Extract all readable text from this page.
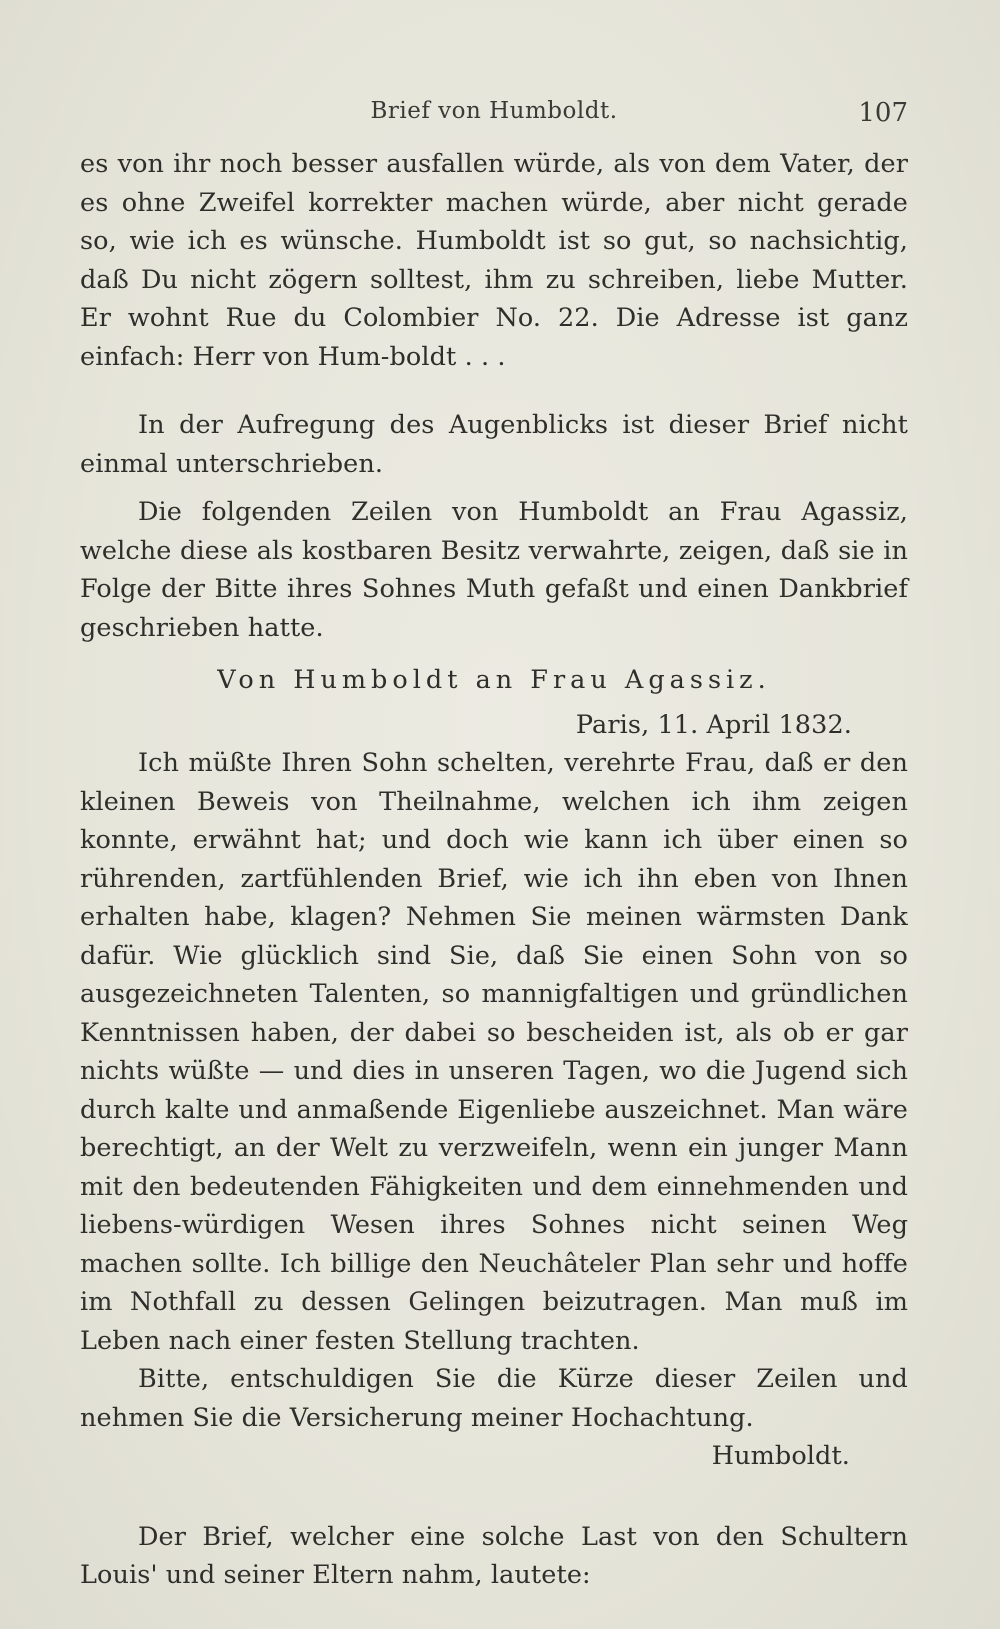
Brief von Humboldt.	107

es von ihr noch besser ausfallen würde, als von dem Vater, der es ohne Zweifel korrekter machen würde, aber nicht gerade so, wie ich es wünsche. Humboldt ist so gut, so nachsichtig, daß Du nicht zögern solltest, ihm zu schreiben, liebe Mutter. Er wohnt Rue du Colombier No. 22. Die Adresse ist ganz einfach: Herr von Hum-boldt . . .

In der Aufregung des Augenblicks ist dieser Brief nicht einmal unterschrieben.

Die folgenden Zeilen von Humboldt an Frau Agassiz, welche diese als kostbaren Besitz verwahrte, zeigen, daß sie in Folge der Bitte ihres Sohnes Muth gefaßt und einen Dankbrief geschrieben hatte.

Von Humboldt an Frau Agassiz.

Paris, 11. April 1832.

Ich müßte Ihren Sohn schelten, verehrte Frau, daß er den kleinen Beweis von Theilnahme, welchen ich ihm zeigen konnte, erwähnt hat; und doch wie kann ich über einen so rührenden, zartfühlenden Brief, wie ich ihn eben von Ihnen erhalten habe, klagen? Nehmen Sie meinen wärmsten Dank dafür. Wie glücklich sind Sie, daß Sie einen Sohn von so ausgezeichneten Talenten, so mannigfaltigen und gründlichen Kenntnissen haben, der dabei so bescheiden ist, als ob er gar nichts wüßte — und dies in unseren Tagen, wo die Jugend sich durch kalte und anmaßende Eigenliebe auszeichnet. Man wäre berechtigt, an der Welt zu verzweifeln, wenn ein junger Mann mit den bedeutenden Fähigkeiten und dem einnehmenden und liebens-würdigen Wesen ihres Sohnes nicht seinen Weg machen sollte. Ich billige den Neuchâteler Plan sehr und hoffe im Nothfall zu dessen Gelingen beizutragen. Man muß im Leben nach einer festen Stellung trachten.

Bitte, entschuldigen Sie die Kürze dieser Zeilen und nehmen Sie die Versicherung meiner Hochachtung.

Humboldt.

Der Brief, welcher eine solche Last von den Schultern Louis' und seiner Eltern nahm, lautete:
